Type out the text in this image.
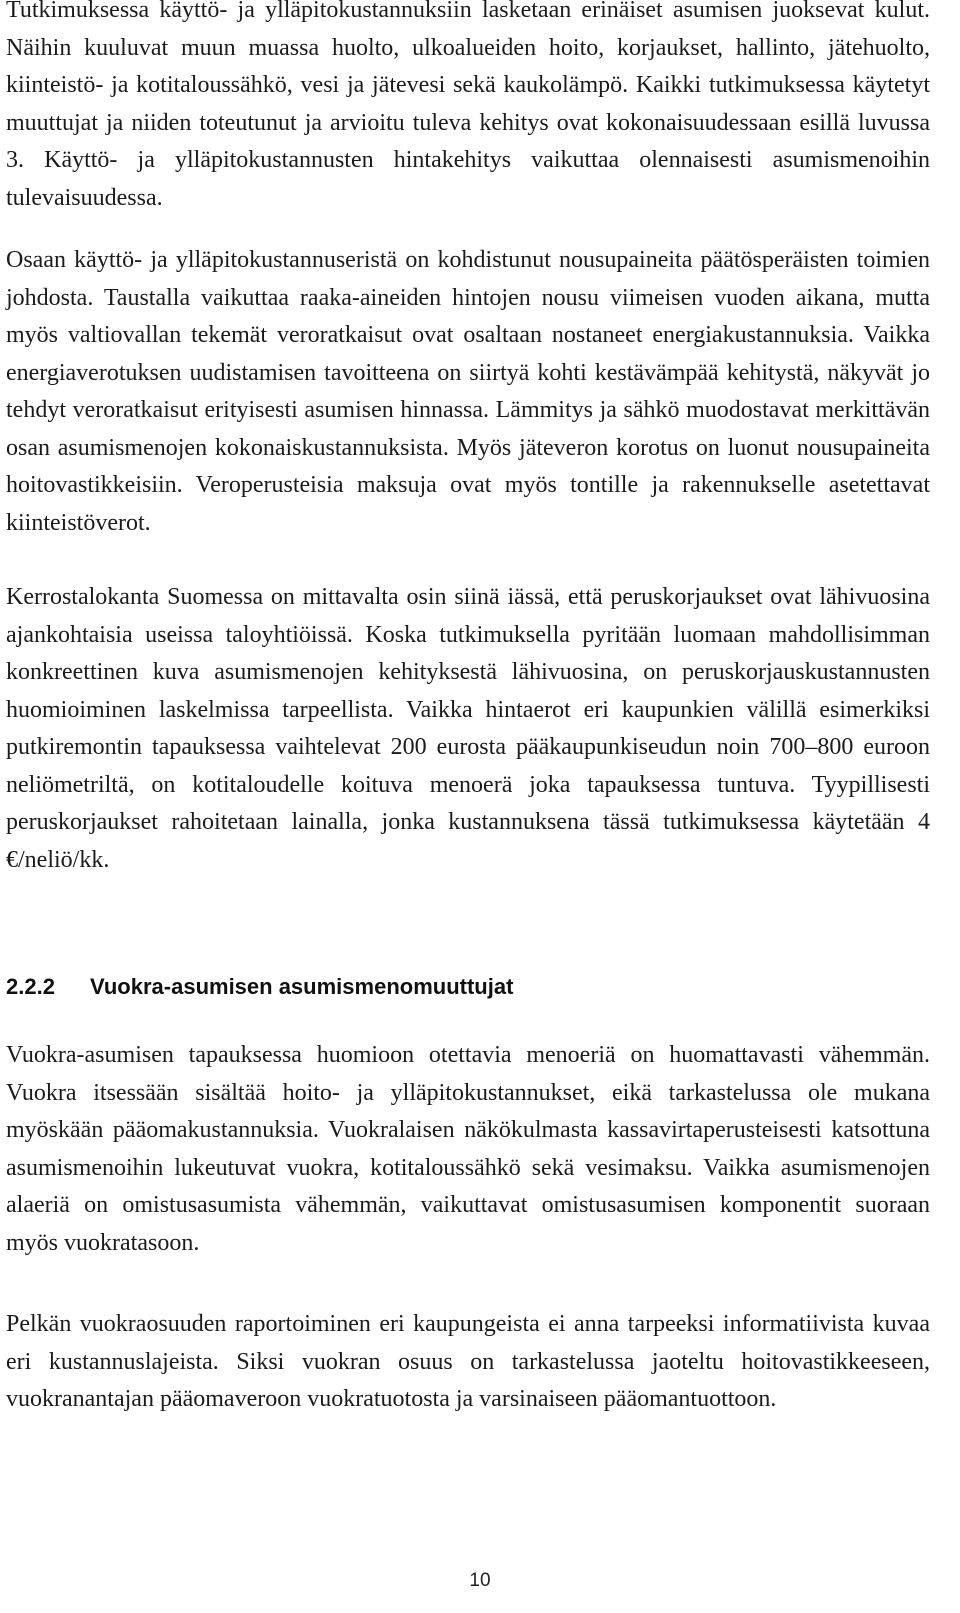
Tutkimuksessa käyttö- ja ylläpitokustannuksiin lasketaan erinäiset asumisen juoksevat kulut. Näihin kuuluvat muun muassa huolto, ulkoalueiden hoito, korjaukset, hallinto, jätehuolto, kiinteistö- ja kotitaloussähkö, vesi ja jätevesi sekä kaukolämpö. Kaikki tutkimuksessa käytetyt muuttujat ja niiden toteutunut ja arvioitu tuleva kehitys ovat kokonaisuudessaan esillä luvussa 3. Käyttö- ja ylläpitokustannusten hintakehitys vaikuttaa olennaisesti asumismenoihin tulevaisuudessa.

Osaan käyttö- ja ylläpitokustannuseristä on kohdistunut nousupaineita päätösperäisten toimien johdosta. Taustalla vaikuttaa raaka-aineiden hintojen nousu viimeisen vuoden aikana, mutta myös valtiovallan tekemät veroratkaisut ovat osaltaan nostaneet energiakustannuksia. Vaikka energiaverotuksen uudistamisen tavoitteena on siirtyä kohti kestävämpää kehitystä, näkyvät jo tehdyt veroratkaisut erityisesti asumisen hinnassa. Lämmitys ja sähkö muodostavat merkittävän osan asumismenojen kokonaiskustannuksista. Myös jäteveron korotus on luonut nousupaineita hoitovastikkeisiin. Veroperusteisia maksuja ovat myös tontille ja rakennukselle asetettavat kiinteistöverot.

Kerrostalokanta Suomessa on mittavalta osin siinä iässä, että peruskorjaukset ovat lähivuosina ajankohtaisia useissa taloyhtiöissä. Koska tutkimuksella pyritään luomaan mahdollisimman konkreettinen kuva asumismenojen kehityksestä lähivuosina, on peruskorjauskustannusten huomioiminen laskelmissa tarpeellista. Vaikka hintaerot eri kaupunkien välillä esimerkiksi putkiremontin tapauksessa vaihtelevat 200 eurosta pääkaupunkiseudun noin 700–800 euroon neliömetriltä, on kotitaloudelle koituva menoerä joka tapauksessa tuntuva. Tyypillisesti peruskorjaukset rahoitetaan lainalla, jonka kustannuksena tässä tutkimuksessa käytetään 4 €/neliö/kk.

2.2.2 Vuokra-asumisen asumismenomuuttujat

Vuokra-asumisen tapauksessa huomioon otettavia menoeriä on huomattavasti vähemmän. Vuokra itsessään sisältää hoito- ja ylläpitokustannukset, eikä tarkastelussa ole mukana myöskään pääomakustannuksia. Vuokralaisen näkökulmasta kassavirtaperusteisesti katsottuna asumismenoihin lukeutuvat vuokra, kotitaloussähkö sekä vesimaksu. Vaikka asumismenojen alaeriä on omistusasumista vähemmän, vaikuttavat omistusasumisen komponentit suoraan myös vuokratasoon.

Pelkän vuokraosuuden raportoiminen eri kaupungeista ei anna tarpeeksi informatiivista kuvaa eri kustannuslajeista. Siksi vuokran osuus on tarkastelussa jaoteltu hoitovastikkeeseen, vuokranantajan pääomaveroon vuokratuotosta ja varsinaiseen pääomantuottoon.

10
